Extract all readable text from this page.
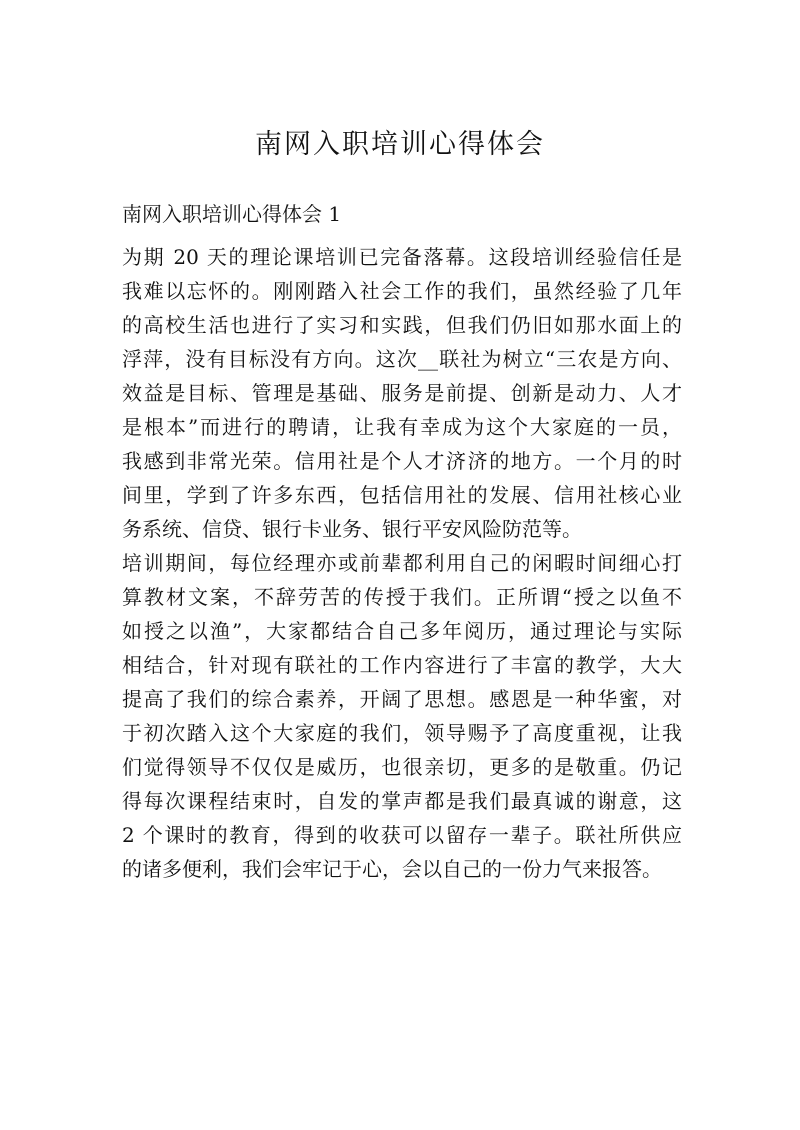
南网入职培训心得体会

南网入职培训心得体会 1

为期 20 天的理论课培训已完备落幕。这段培训经验信任是
我难以忘怀的。刚刚踏入社会工作的我们，虽然经验了几年
的高校生活也进行了实习和实践，但我们仍旧如那水面上的
浮萍，没有目标没有方向。这次__联社为树立“三农是方向、
效益是目标、管理是基础、服务是前提、创新是动力、人才
是根本”而进行的聘请，让我有幸成为这个大家庭的一员，
我感到非常光荣。信用社是个人才济济的地方。一个月的时
间里，学到了许多东西，包括信用社的发展、信用社核心业
务系统、信贷、银行卡业务、银行平安风险防范等。

培训期间，每位经理亦或前辈都利用自己的闲暇时间细心打
算教材文案，不辞劳苦的传授于我们。正所谓“授之以鱼不
如授之以渔”，大家都结合自己多年阅历，通过理论与实际
相结合，针对现有联社的工作内容进行了丰富的教学，大大
提高了我们的综合素养，开阔了思想。感恩是一种华蜜，对
于初次踏入这个大家庭的我们，领导赐予了高度重视，让我
们觉得领导不仅仅是威历，也很亲切，更多的是敬重。仍记
得每次课程结束时，自发的掌声都是我们最真诚的谢意，这
2 个课时的教育，得到的收获可以留存一辈子。联社所供应
的诸多便利，我们会牢记于心，会以自己的一份力气来报答。
